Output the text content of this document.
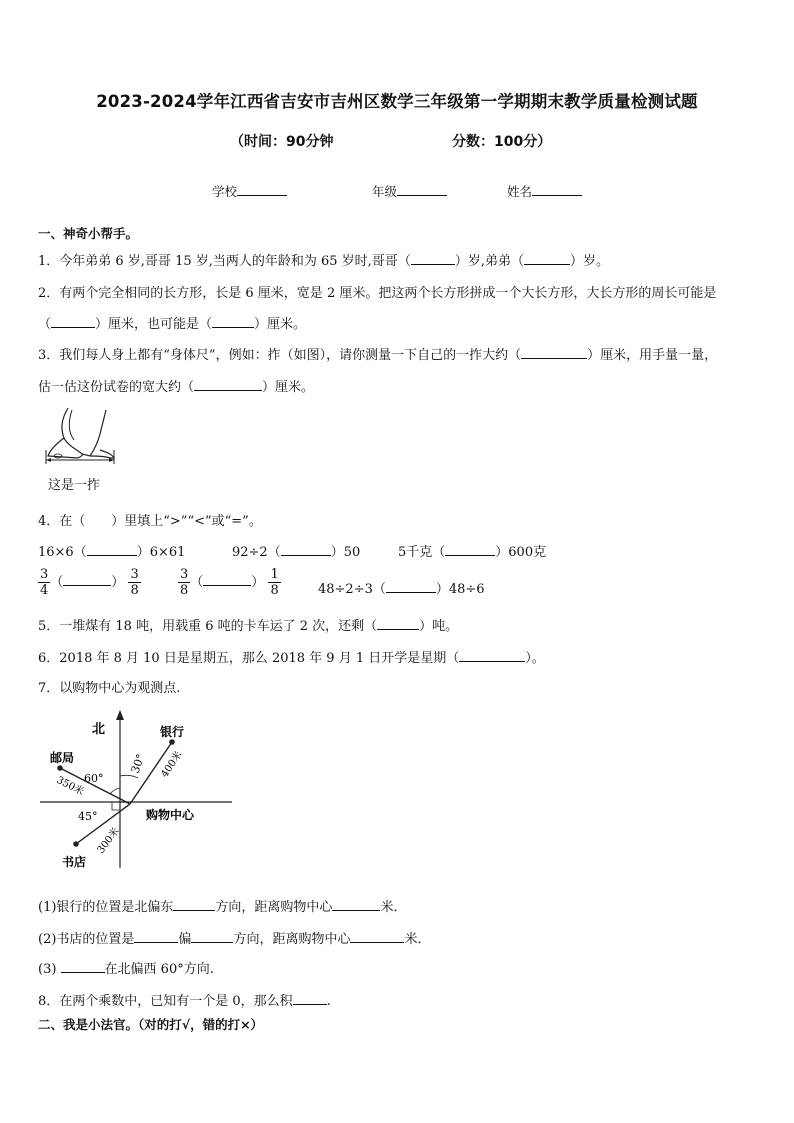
2023-2024学年江西省吉安市吉州区数学三年级第一学期期末教学质量检测试题
（时间：90分钟	分数：100分）
学校	年级	姓名
一、神奇小帮手。
1．今年弟弟 6 岁,哥哥 15 岁,当两人的年龄和为 65 岁时,哥哥（	）岁,弟弟（	）岁。
2．有两个完全相同的长方形，长是 6 厘米，宽是 2 厘米。把这两个长方形拼成一个大长方形，大长方形的周长可能是
（	）厘米，也可能是（	）厘米。
3．我们每人身上都有“身体尺”，例如：拃（如图），请你测量一下自己的一拃大约（	）厘米，用手量一量，
估一估这份试卷的宽大约（	）厘米。
这是一拃
4．在（　　）里填上“>”“<”或“=”。
16×6（	）6×61	92÷2（	）50	5千克（	）600克
$\frac{3}{4}$ （	） $\frac{3}{8}$	$\frac{3}{8}$ （	） $\frac{1}{8}$	48÷2÷3（	）48÷6
5．一堆煤有 18 吨，用载重 6 吨的卡车运了 2 次，还剩（	）吨。
6．2018 年 8 月 10 日是星期五，那么 2018 年 9 月 1 日开学是星期（	）。
7．以购物中心为观测点.
北	银行
邮局
书店
购物中心
30°
60°
45°
400米
350米
300米
(1)银行的位置是北偏东	方向，距离购物中心	米．
(2)书店的位置是	偏	方向，距离购物中心	米．
(3)	在北偏西 60°方向.
8．在两个乘数中，已知有一个是 0，那么积	.
二、我是小法官。（对的打√，错的打×）
